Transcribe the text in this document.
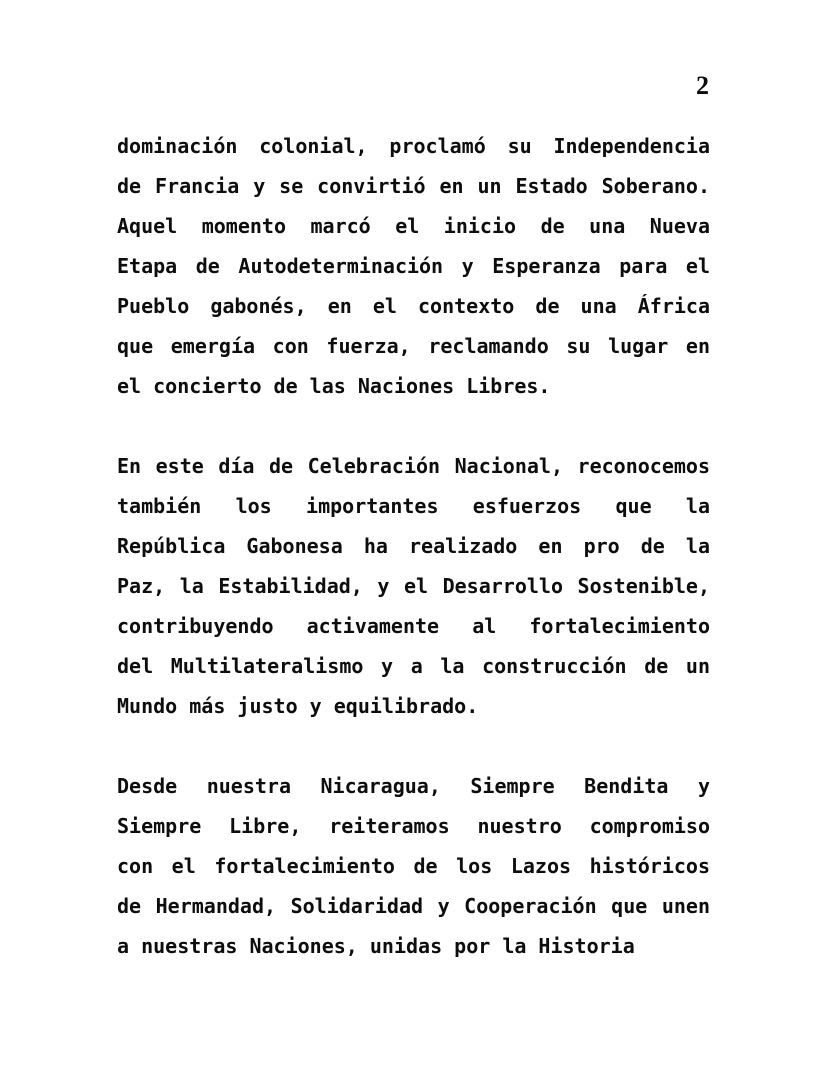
2
dominación colonial, proclamó su Independencia
de Francia y se convirtió en un Estado Soberano.
Aquel momento marcó el inicio de una Nueva
Etapa de Autodeterminación y Esperanza para el
Pueblo gabonés, en el contexto de una África
que emergía con fuerza, reclamando su lugar en
el concierto de las Naciones Libres.
En este día de Celebración Nacional, reconocemos
también los importantes esfuerzos que la
República Gabonesa ha realizado en pro de la
Paz, la Estabilidad, y el Desarrollo Sostenible,
contribuyendo activamente al fortalecimiento
del Multilateralismo y a la construcción de un
Mundo más justo y equilibrado.
Desde nuestra Nicaragua, Siempre Bendita y
Siempre Libre, reiteramos nuestro compromiso
con el fortalecimiento de los Lazos históricos
de Hermandad, Solidaridad y Cooperación que unen
a nuestras Naciones, unidas por la Historia
